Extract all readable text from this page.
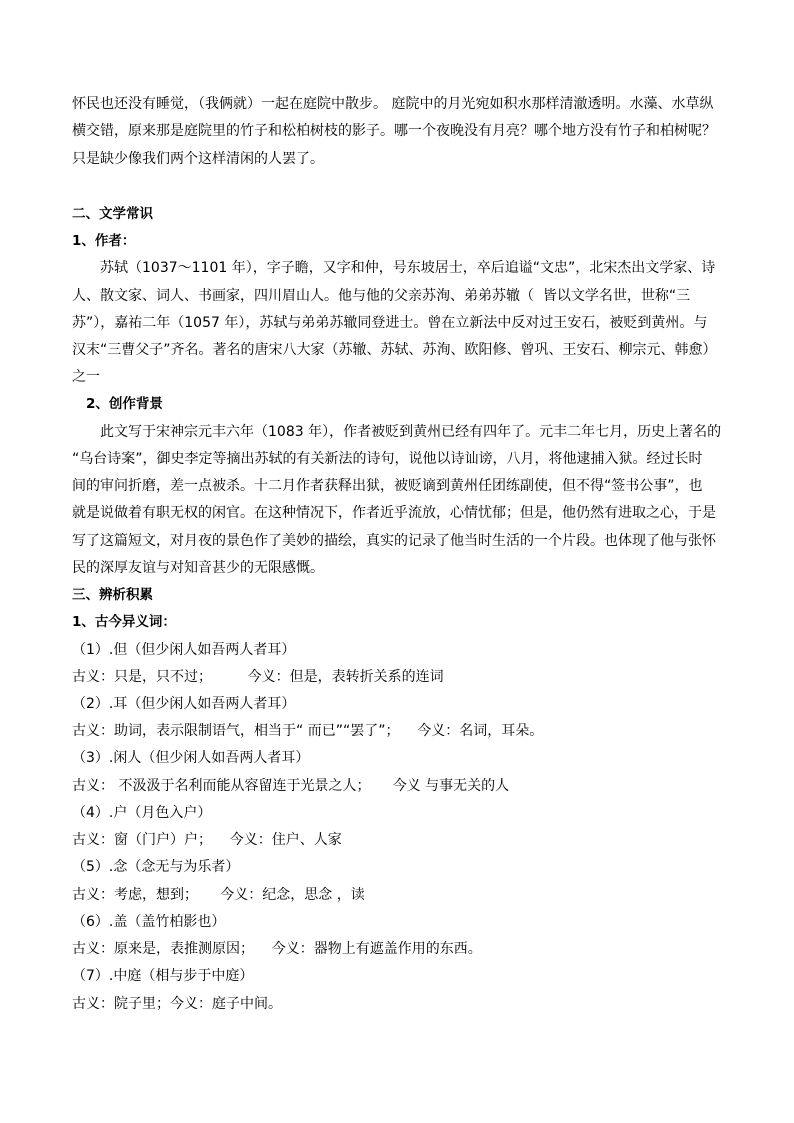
怀民也还没有睡觉，（我俩就）一起在庭院中散步。 庭院中的月光宛如积水那样清澈透明。水藻、水草纵
横交错，原来那是庭院里的竹子和松柏树枝的影子。哪一个夜晚没有月亮？哪个地方没有竹子和柏树呢？
只是缺少像我们两个这样清闲的人罢了。
二、文学常识
1、作者：
苏轼（1037～1101 年），字子瞻，又字和仲，号东坡居士，卒后追谥“文忠”，北宋杰出文学家、诗
人、散文家、词人、书画家，四川眉山人。他与他的父亲苏洵、弟弟苏辙（  皆以文学名世，世称“三
苏”），嘉祐二年（1057 年），苏轼与弟弟苏辙同登进士。曾在立新法中反对过王安石，被贬到黄州。与
汉末“三曹父子”齐名。著名的唐宋八大家（苏辙、苏轼、苏洵、欧阳修、曾巩、王安石、柳宗元、韩愈）
之一
2、创作背景
此文写于宋神宗元丰六年（1083 年），作者被贬到黄州已经有四年了。元丰二年七月，历史上著名的
“乌台诗案”，御史李定等摘出苏轼的有关新法的诗句，说他以诗讪谤，八月，将他逮捕入狱。经过长时
间的审问折磨，差一点被杀。十二月作者获释出狱，被贬谪到黄州任团练副使，但不得“签书公事”，也
就是说做着有职无权的闲官。在这种情况下，作者近乎流放，心情忧郁；但是，他仍然有进取之心，于是
写了这篇短文，对月夜的景色作了美妙的描绘，真实的记录了他当时生活的一个片段。也体现了他与张怀
民的深厚友谊与对知音甚少的无限感慨。
三、辨析积累
1、古今异义词：
（1）.但（但少闲人如吾两人者耳）
古义：只是，只不过；        今义：但是，表转折关系的连词
（2）.耳（但少闲人如吾两人者耳）
古义：助词，表示限制语气，相当于“ 而已”“罢了”；    今义：名词，耳朵。
（3）.闲人（但少闲人如吾两人者耳）
古义： 不汲汲于名利而能从容留连于光景之人；     今义 与事无关的人
（4）.户（月色入户）
古义：窗（门户）户；    今义：住户、人家
（5）.念（念无与为乐者）
古义：考虑，想到；     今义：纪念，思念 ，读
（6）.盖（盖竹柏影也）
古义：原来是，表推测原因；    今义：器物上有遮盖作用的东西。
（7）.中庭（相与步于中庭）
古义：院子里；今义：庭子中间。
